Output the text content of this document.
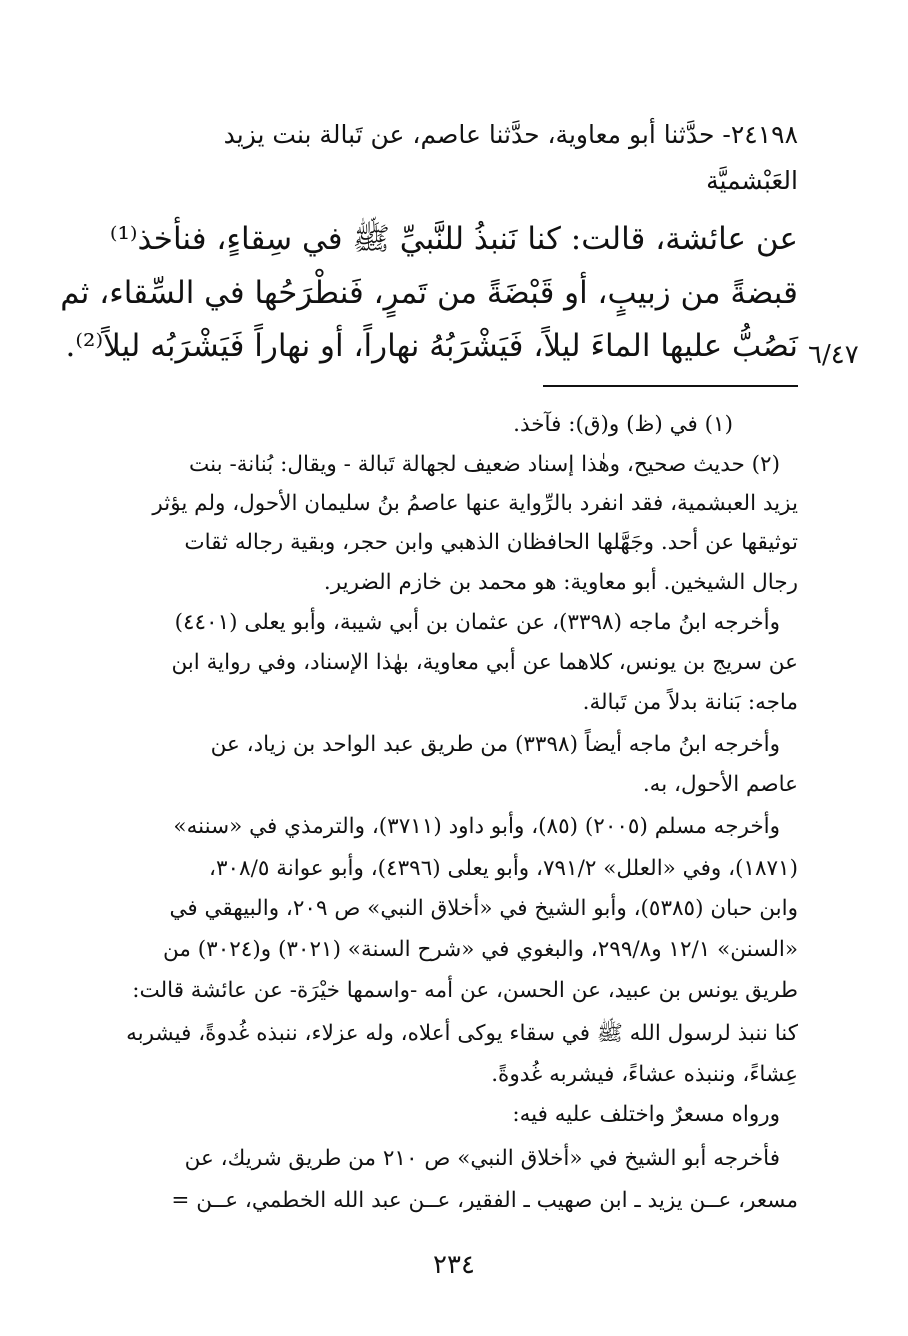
٢٤١٩٨- حدَّثنا أبو معاوية، حدَّثنا عاصم، عن تَبالة بنت يزيد
العَبْشميَّة
عن عائشة، قالت: كنا نَنبذُ للنَّبيِّ ﷺ في سِقاءٍ، فنأخذ⁽¹⁾
قبضةً من زبيبٍ، أو قَبْضَةً من تَمرٍ، فَنطْرَحُها في السِّقاء، ثم
نَصُبُّ عليها الماءَ ليلاً، فَيَشْرَبُهُ نهاراً، أو نهاراً فَيَشْرَبُه ليلاً⁽²⁾. ٦/٤٧
(١) في (ظ) و(ق): فآخذ.
(٢) حديث صحيح، وهٰذا إسناد ضعيف لجهالة تَبالة - ويقال: بُنانة- بنت
يزيد العبشمية، فقد انفرد بالرِّواية عنها عاصمُ بنُ سليمان الأحول، ولم يؤثر
توثيقها عن أحد. وجَهَّلها الحافظان الذهبي وابن حجر، وبقية رجاله ثقات
رجال الشيخين. أبو معاوية: هو محمد بن خازم الضرير.
وأخرجه ابنُ ماجه (٣٣٩٨)، عن عثمان بن أبي شيبة، وأبو يعلى (٤٤٠١)
عن سريج بن يونس، كلاهما عن أبي معاوية، بهٰذا الإسناد، وفي رواية ابن
ماجه: بَنانة بدلاً من تَبالة.
وأخرجه ابنُ ماجه أيضاً (٣٣٩٨) من طريق عبد الواحد بن زياد، عن
عاصم الأحول، به.
وأخرجه مسلم (٢٠٠٥) (٨٥)، وأبو داود (٣٧١١)، والترمذي في «سننه»
(١٨٧١)، وفي «العلل» ٧٩١/٢، وأبو يعلى (٤٣٩٦)، وأبو عوانة ٣٠٨/٥،
وابن حبان (٥٣٨٥)، وأبو الشيخ في «أخلاق النبي» ص ٢٠٩، والبيهقي في
«السنن» ١٢/١ و٢٩٩/٨، والبغوي في «شرح السنة» (٣٠٢١) و(٣٠٢٤) من
طريق يونس بن عبيد، عن الحسن، عن أمه -واسمها خيْرَة- عن عائشة قالت:
كنا ننبذ لرسول الله ﷺ في سقاء يوكى أعلاه، وله عزلاء، ننبذه غُدوةً، فيشربه
عِشاءً، وننبذه عشاءً، فيشربه غُدوةً.
ورواه مسعرٌ واختلف عليه فيه:
فأخرجه أبو الشيخ في «أخلاق النبي» ص ٢١٠ من طريق شريك، عن
مسعر، عــن يزيد ـ ابن صهيب ـ الفقير، عــن عبد الله الخطمي، عــن =
٢٣٤
